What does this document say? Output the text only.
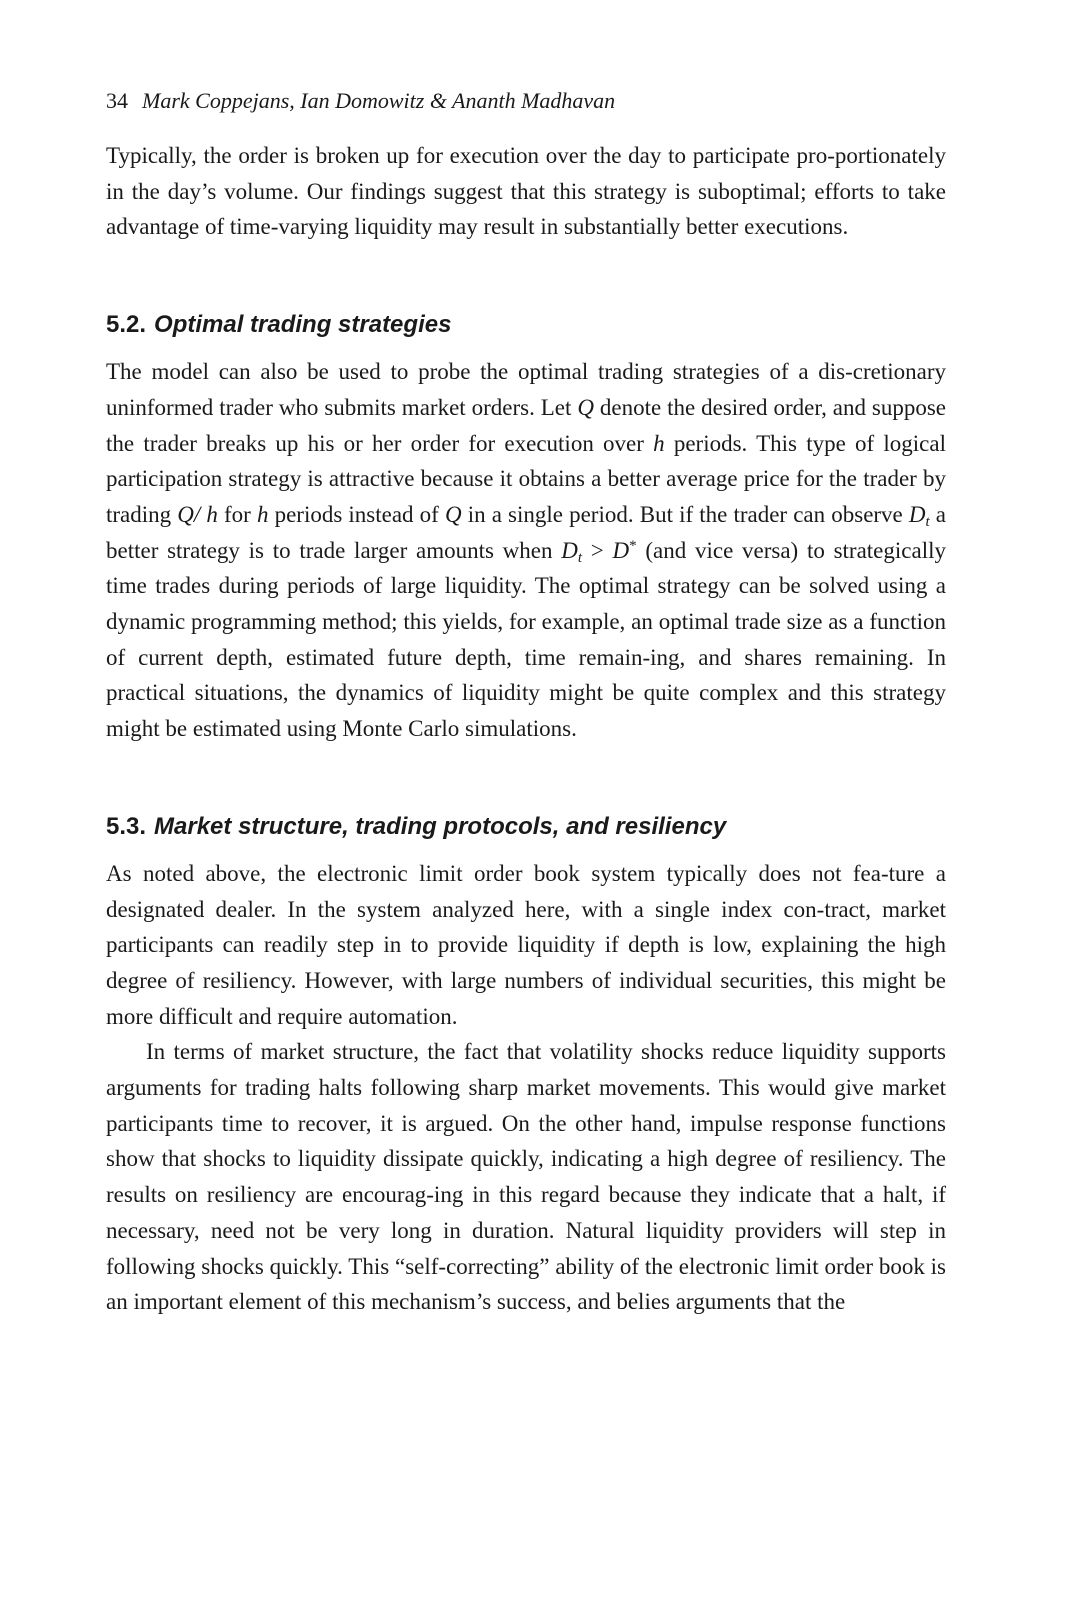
34 Mark Coppejans, Ian Domowitz & Ananth Madhavan

Typically, the order is broken up for execution over the day to participate pro-portionately in the day’s volume. Our findings suggest that this strategy is suboptimal; efforts to take advantage of time-varying liquidity may result in substantially better executions.

5.2. Optimal trading strategies

The model can also be used to probe the optimal trading strategies of a dis-cretionary uninformed trader who submits market orders. Let Q denote the desired order, and suppose the trader breaks up his or her order for execution over h periods. This type of logical participation strategy is attractive because it obtains a better average price for the trader by trading Q/ h for h periods instead of Q in a single period. But if the trader can observe $D_t$ a better strategy is to trade larger amounts when $D_t > D^*$ (and vice versa) to strategically time trades during periods of large liquidity. The optimal strategy can be solved using a dynamic programming method; this yields, for example, an optimal trade size as a function of current depth, estimated future depth, time remain-ing, and shares remaining. In practical situations, the dynamics of liquidity might be quite complex and this strategy might be estimated using Monte Carlo simulations.

5.3. Market structure, trading protocols, and resiliency

As noted above, the electronic limit order book system typically does not fea-ture a designated dealer. In the system analyzed here, with a single index con-tract, market participants can readily step in to provide liquidity if depth is low, explaining the high degree of resiliency. However, with large numbers of individual securities, this might be more difficult and require automation.

In terms of market structure, the fact that volatility shocks reduce liquidity supports arguments for trading halts following sharp market movements. This would give market participants time to recover, it is argued. On the other hand, impulse response functions show that shocks to liquidity dissipate quickly, indicating a high degree of resiliency. The results on resiliency are encourag-ing in this regard because they indicate that a halt, if necessary, need not be very long in duration. Natural liquidity providers will step in following shocks quickly. This “self-correcting” ability of the electronic limit order book is an important element of this mechanism’s success, and belies arguments that the
